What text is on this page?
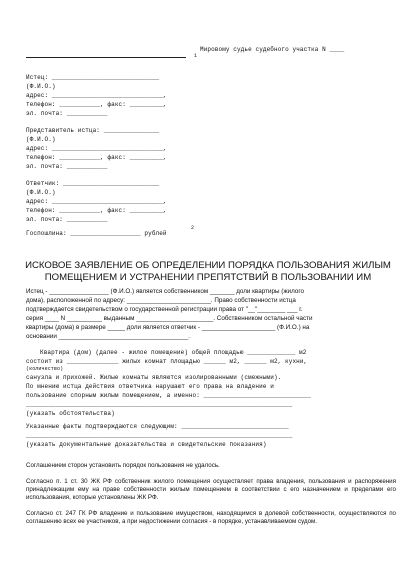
Мировому судье судебного участка N ____
1
Истец: _____________________________
(Ф.И.О.)
адрес: ______________________________,
телефон: ___________, факс: _________,
эл. почта: ___________
Представитель истца: _______________
(Ф.И.О.)
адрес: ______________________________,
телефон: ___________, факс: _________,
эл. почта: ___________
Ответчик: __________________________
(Ф.И.О.)
адрес: ______________________________,
телефон: ___________, факс: _________,
эл. почта: ___________
Госпошлина: ___________________ рублей
2
ИСКОВОЕ ЗАЯВЛЕНИЕ ОБ ОПРЕДЕЛЕНИИ ПОРЯДКА ПОЛЬЗОВАНИЯ ЖИЛЫМ
ПОМЕЩЕНИЕМ И УСТРАНЕНИИ ПРЕПЯТСТВИЙ В ПОЛЬЗОВАНИИ ИМ
Истец - _________________ (Ф.И.О.) является собственником _______ доли квартиры (жилого
дома), расположенной по адресу: ________________________. Право собственности истца
подтверждается свидетельством о государственной регистрации права от "__"________ ___ г.
серия ____ N __________ выданным ______________________. Собственником остальной части
квартиры (дома) в размере _____ доли является ответчик - _____________________ (Ф.И.О.) на
основании _____________________________________.
Квартира (дом) (далее - жилое помещение) общей площадью _____________ м2
состоит из ______________ жилых комнат площадью ______ м2, ______ м2, кухни,
(количество)
санузла и прихожей. Жилые комнаты являются изолированными (смежными).
По мнению истца действия ответчика нарушают его права на владение и
пользование спорным жилым помещением, а именно: _____________________________
________________________________________________________________________
(указать обстоятельства)
Указанные факты подтверждаются следующим: _____________________________
________________________________________________________________________
(указать документальные доказательства и свидетельские показания)
Соглашением сторон установить порядок пользования не удалось.
Согласно п. 1 ст. 30 ЖК РФ собственник жилого помещения осуществляет права владения, пользования и распоряжения принадлежащим ему на праве собственности жилым помещением в соответствии с его назначением и пределами его использования, которые установлены ЖК РФ.
Согласно ст. 247 ГК РФ владение и пользование имуществом, находящимся в долевой собственности, осуществляются по соглашению всех ее участников, а при недостижении согласия - в порядке, устанавливаемом судом.
